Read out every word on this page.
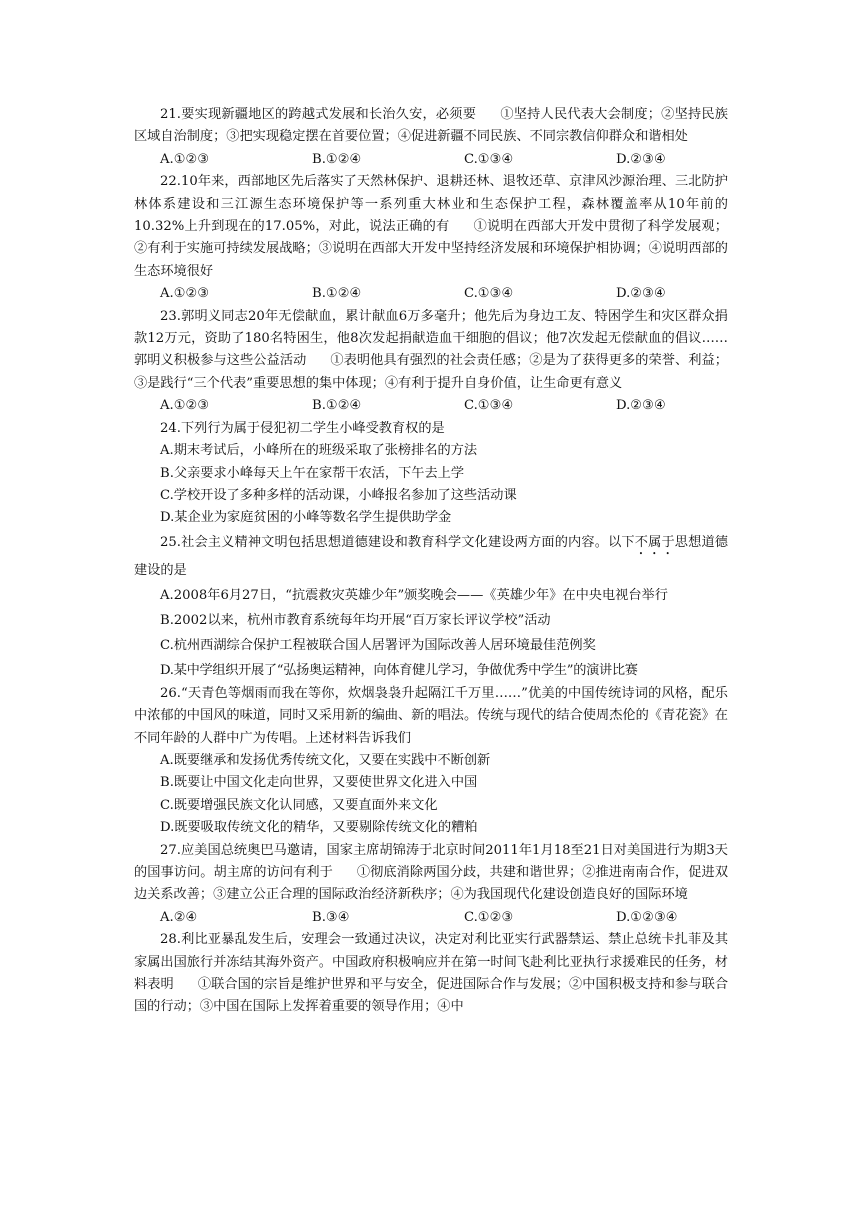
21.要实现新疆地区的跨越式发展和长治久安，必须要 ①坚持人民代表大会制度；②坚持民族区域自治制度；③把实现稳定摆在首要位置；④促进新疆不同民族、不同宗教信仰群众和谐相处

A.①②③	B.①②④	C.①③④	D.②③④

22.10年来，西部地区先后落实了天然林保护、退耕还林、退牧还草、京津风沙源治理、三北防护林体系建设和三江源生态环境保护等一系列重大林业和生态保护工程，森林覆盖率从10年前的10.32%上升到现在的17.05%，对此，说法正确的有 ①说明在西部大开发中贯彻了科学发展观；②有利于实施可持续发展战略；③说明在西部大开发中坚持经济发展和环境保护相协调；④说明西部的生态环境很好

A.①②③	B.①②④	C.①③④	D.②③④

23.郭明义同志20年无偿献血，累计献血6万多毫升；他先后为身边工友、特困学生和灾区群众捐款12万元，资助了180名特困生，他8次发起捐献造血干细胞的倡议；他7次发起无偿献血的倡议……郭明义积极参与这些公益活动 ①表明他具有强烈的社会责任感；②是为了获得更多的荣誉、利益；③是践行“三个代表”重要思想的集中体现；④有利于提升自身价值，让生命更有意义

A.①②③	B.①②④	C.①③④	D.②③④

24.下列行为属于侵犯初二学生小峰受教育权的是

A.期末考试后，小峰所在的班级采取了张榜排名的方法

B.父亲要求小峰每天上午在家帮干农活，下午去上学

C.学校开设了多种多样的活动课，小峰报名参加了这些活动课

D.某企业为家庭贫困的小峰等数名学生提供助学金

25.社会主义精神文明包括思想道德建设和教育科学文化建设两方面的内容。以下不属于思想道德建设的是

A.2008年6月27日，“抗震救灾英雄少年”颁奖晚会——《英雄少年》在中央电视台举行

B.2002以来，杭州市教育系统每年均开展“百万家长评议学校”活动

C.杭州西湖综合保护工程被联合国人居署评为国际改善人居环境最佳范例奖

D.某中学组织开展了“弘扬奥运精神，向体育健儿学习，争做优秀中学生”的演讲比赛

26.“天青色等烟雨而我在等你，炊烟袅袅升起隔江千万里……”优美的中国传统诗词的风格，配乐中浓郁的中国风的味道，同时又采用新的编曲、新的唱法。传统与现代的结合使周杰伦的《青花瓷》在不同年龄的人群中广为传唱。上述材料告诉我们

A.既要继承和发扬优秀传统文化，又要在实践中不断创新

B.既要让中国文化走向世界，又要使世界文化进入中国

C.既要增强民族文化认同感，又要直面外来文化

D.既要吸取传统文化的精华，又要剔除传统文化的糟粕

27.应美国总统奥巴马邀请，国家主席胡锦涛于北京时间2011年1月18至21日对美国进行为期3天的国事访问。胡主席的访问有利于 ①彻底消除两国分歧，共建和谐世界；②推进南南合作，促进双边关系改善；③建立公正合理的国际政治经济新秩序；④为我国现代化建设创造良好的国际环境

A.②④	B.③④	C.①②③	D.①②③④

28.利比亚暴乱发生后，安理会一致通过决议，决定对利比亚实行武器禁运、禁止总统卡扎菲及其家属出国旅行并冻结其海外资产。中国政府积极响应并在第一时间飞赴利比亚执行求援难民的任务，材料表明 ①联合国的宗旨是维护世界和平与安全，促进国际合作与发展；②中国积极支持和参与联合国的行动；③中国在国际上发挥着重要的领导作用；④中
